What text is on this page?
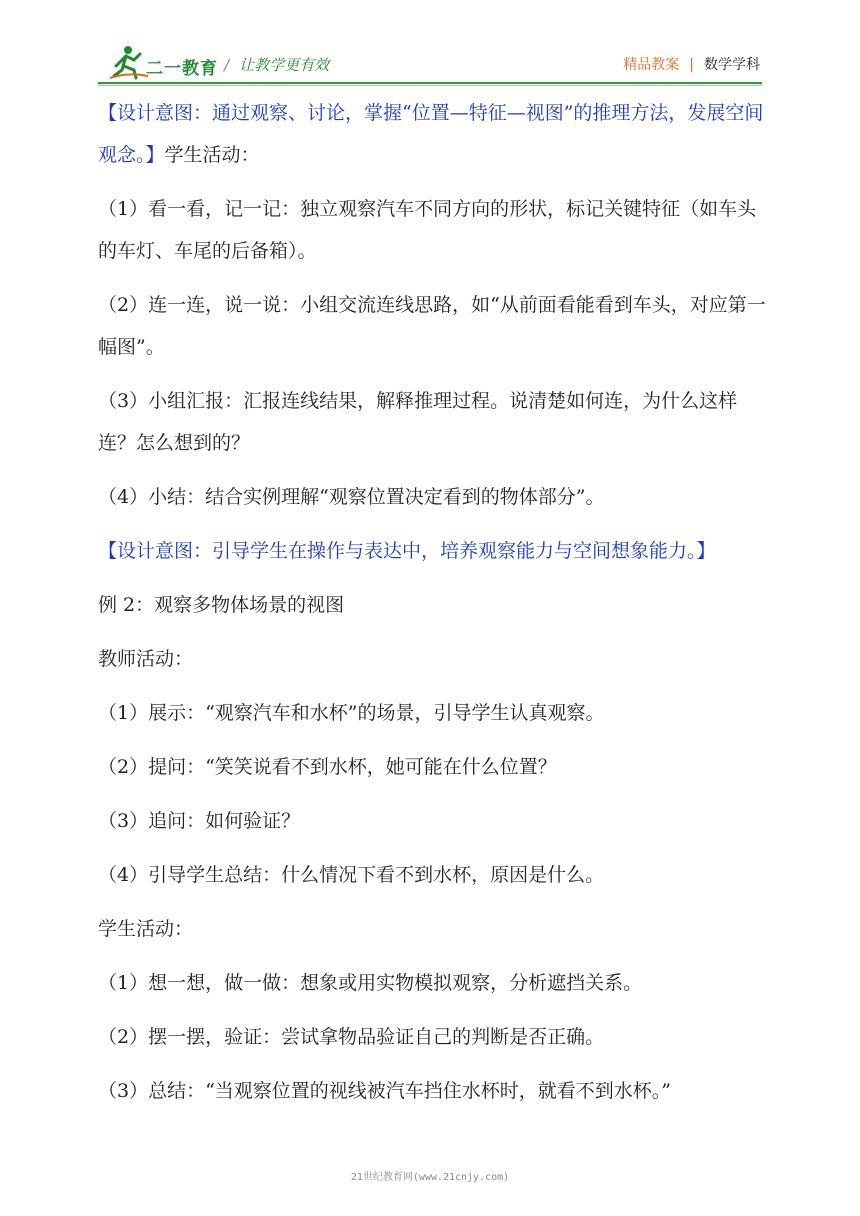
二一教育 / 让教学更有效	精品教案 | 数学学科

【设计意图：通过观察、讨论，掌握“位置—特征—视图”的推理方法，发展空间观念。】学生活动：

（1）看一看，记一记：独立观察汽车不同方向的形状，标记关键特征（如车头的车灯、车尾的后备箱）。

（2）连一连，说一说：小组交流连线思路，如“从前面看能看到车头，对应第一幅图”。

（3）小组汇报：汇报连线结果，解释推理过程。说清楚如何连，为什么这样连？怎么想到的？

（4）小结：结合实例理解“观察位置决定看到的物体部分”。

【设计意图：引导学生在操作与表达中，培养观察能力与空间想象能力。】

例 2：观察多物体场景的视图

教师活动：

（1）展示：“观察汽车和水杯”的场景，引导学生认真观察。

（2）提问：“笑笑说看不到水杯，她可能在什么位置？

（3）追问：如何验证？

（4）引导学生总结：什么情况下看不到水杯，原因是什么。

学生活动：

（1）想一想，做一做：想象或用实物模拟观察，分析遮挡关系。

（2）摆一摆，验证：尝试拿物品验证自己的判断是否正确。

（3）总结：“当观察位置的视线被汽车挡住水杯时，就看不到水杯。”

21世纪教育网(www.21cnjy.com)
